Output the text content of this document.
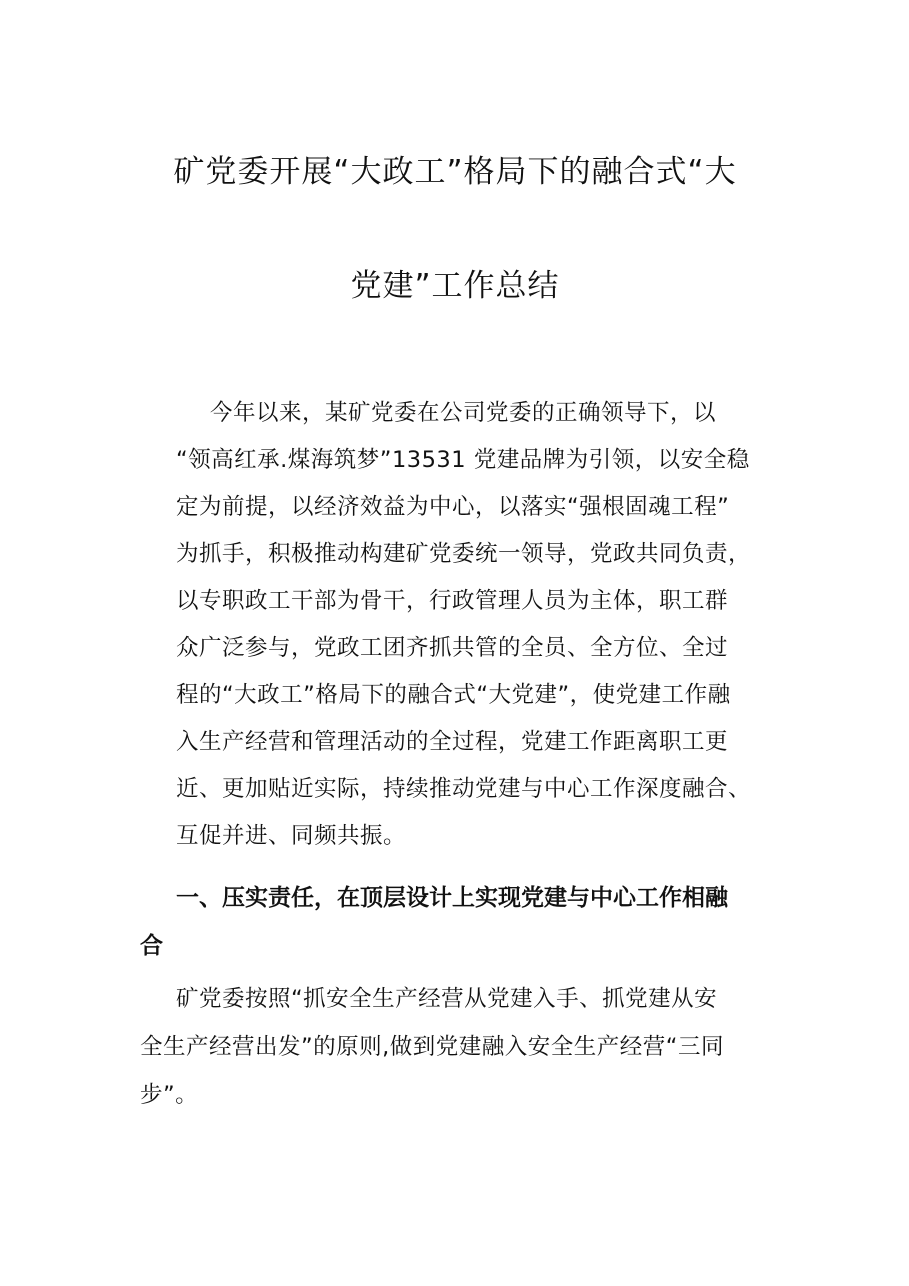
矿党委开展“大政工”格局下的融合式“大
党建”工作总结
今年以来，某矿党委在公司党委的正确领导下，以
“领高红承.煤海筑梦”13531 党建品牌为引领，以安全稳
定为前提，以经济效益为中心，以落实“强根固魂工程”
为抓手，积极推动构建矿党委统一领导，党政共同负责，
以专职政工干部为骨干，行政管理人员为主体，职工群
众广泛参与，党政工团齐抓共管的全员、全方位、全过
程的“大政工”格局下的融合式“大党建”，使党建工作融
入生产经营和管理活动的全过程，党建工作距离职工更
近、更加贴近实际，持续推动党建与中心工作深度融合、
互促并进、同频共振。
一、压实责任，在顶层设计上实现党建与中心工作相融
合
矿党委按照“抓安全生产经营从党建入手、抓党建从安
全生产经营出发”的原则,做到党建融入安全生产经营“三同
步”。
